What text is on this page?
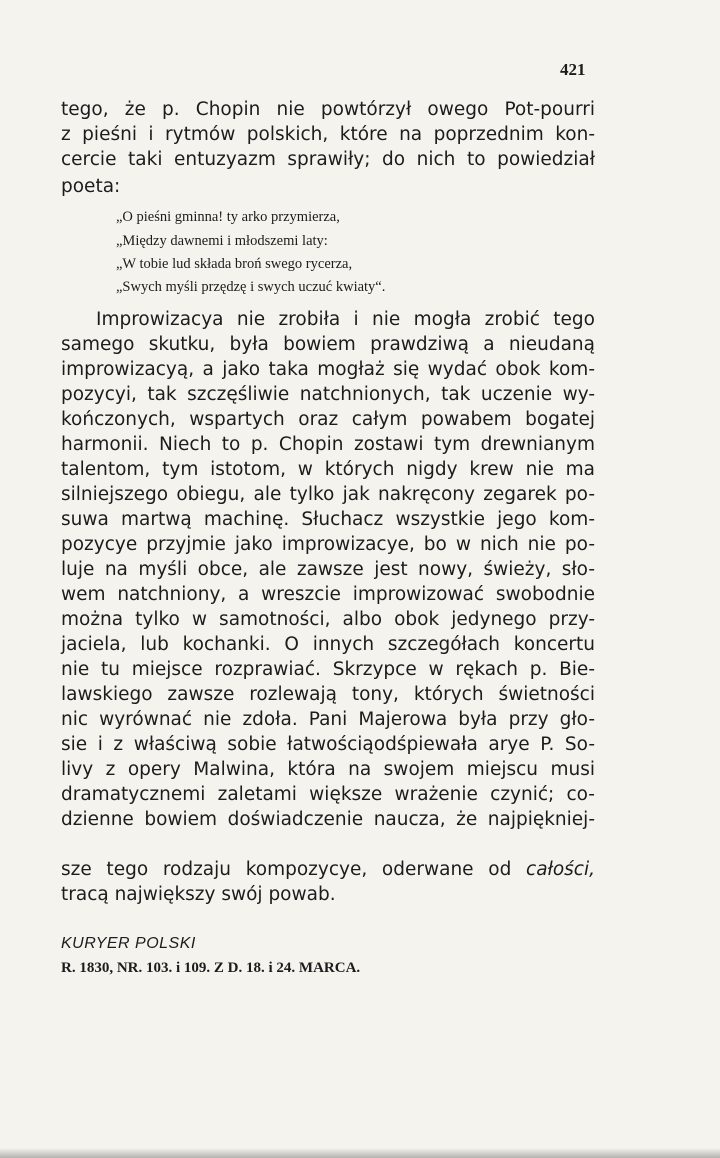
421
tego, że p. Chopin nie powtórzył owego Pot-pourri
z pieśni i rytmów polskich, które na poprzednim kon-
cercie taki entuzyazm sprawiły; do nich to powiedział
poeta:
„O pieśni gminna! ty arko przymierza,
„Między dawnemi i młodszemi laty:
„W tobie lud składa broń swego rycerza,
„Swych myśli przędzę i swych uczuć kwiaty“.
Improwizacya nie zrobiła i nie mogła zrobić tego
samego skutku, była bowiem prawdziwą a nieudaną
improwizacyą, a jako taka mogłaż się wydać obok kom-
pozycyi, tak szczęśliwie natchnionych, tak uczenie wy-
kończonych, wspartych oraz całym powabem bogatej
harmonii. Niech to p. Chopin zostawi tym drewnianym
talentom, tym istotom, w których nigdy krew nie ma
silniejszego obiegu, ale tylko jak nakręcony zegarek po-
suwa martwą machinę. Słuchacz wszystkie jego kom-
pozycye przyjmie jako improwizacye, bo w nich nie po-
luje na myśli obce, ale zawsze jest nowy, świeży, sło-
wem natchniony, a wreszcie improwizować swobodnie
można tylko w samotności, albo obok jedynego przy-
jaciela, lub kochanki. O innych szczegółach koncertu
nie tu miejsce rozprawiać. Skrzypce w rękach p. Bie-
lawskiego zawsze rozlewają tony, których świetności
nic wyrównać nie zdoła. Pani Majerowa była przy gło-
sie i z właściwą sobie łatwościąodśpiewała arye P. So-
livy z opery Malwina, która na swojem miejscu musi
dramatycznemi zaletami większe wrażenie czynić; co-
dzienne bowiem doświadczenie naucza, że najpiękniej-
sze tego rodzaju kompozycye, oderwane od całości,
tracą największy swój powab.
KURYER POLSKI
R. 1830, NR. 103. i 109. Z D. 18. i 24. MARCA.
